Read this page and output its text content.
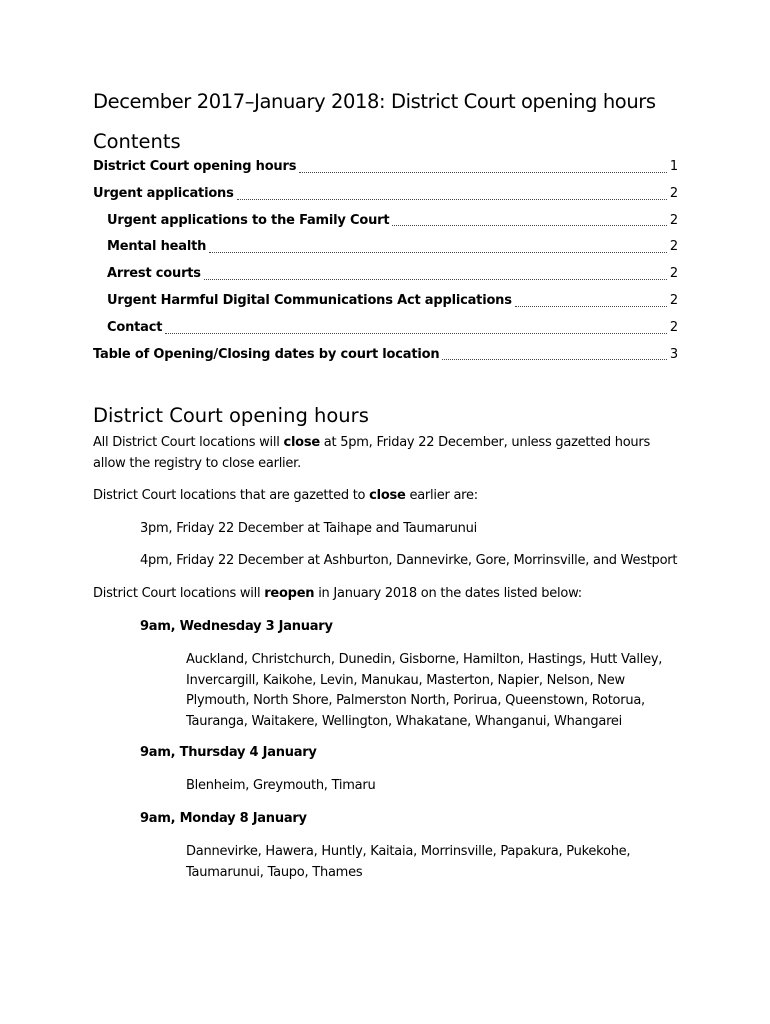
December 2017–January 2018: District Court opening hours
Contents
District Court opening hours	1
Urgent applications	2
Urgent applications to the Family Court	2
Mental health	2
Arrest courts	2
Urgent Harmful Digital Communications Act applications	2
Contact	2
Table of Opening/Closing dates by court location	3
District Court opening hours

All District Court locations will close at 5pm, Friday 22 December, unless gazetted hours allow the registry to close earlier.

District Court locations that are gazetted to close earlier are:

3pm, Friday 22 December at Taihape and Taumarunui

4pm, Friday 22 December at Ashburton, Dannevirke, Gore, Morrinsville, and Westport

District Court locations will reopen in January 2018 on the dates listed below:

9am, Wednesday 3 January

Auckland, Christchurch, Dunedin, Gisborne, Hamilton, Hastings, Hutt Valley, Invercargill, Kaikohe, Levin, Manukau, Masterton, Napier, Nelson, New Plymouth, North Shore, Palmerston North, Porirua, Queenstown, Rotorua, Tauranga, Waitakere, Wellington, Whakatane, Whanganui, Whangarei

9am, Thursday 4 January

Blenheim, Greymouth, Timaru

9am, Monday 8 January

Dannevirke, Hawera, Huntly, Kaitaia, Morrinsville, Papakura, Pukekohe, Taumarunui, Taupo, Thames
